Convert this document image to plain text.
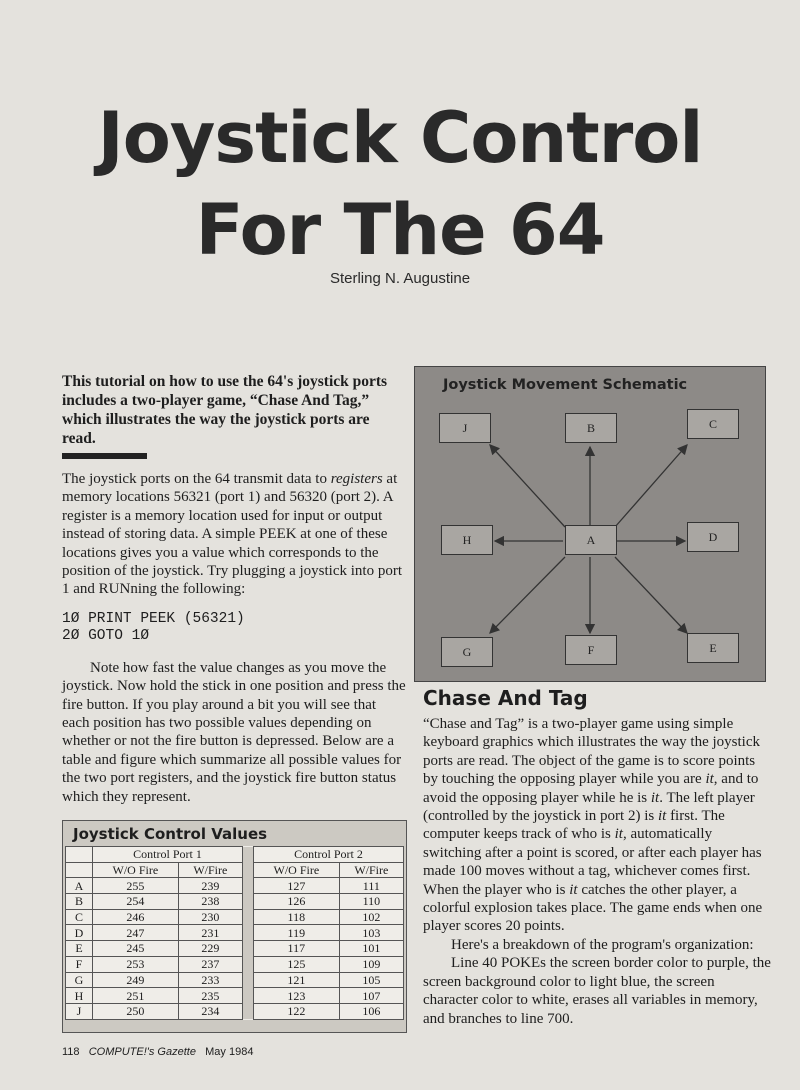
Joystick Control
For The 64
Sterling N. Augustine

This tutorial on how to use the 64's joystick ports includes a two-player game, “Chase And Tag,” which illustrates the way the joystick ports are read.

The joystick ports on the 64 transmit data to registers at memory locations 56321 (port 1) and 56320 (port 2). A register is a memory location used for input or output instead of storing data. A simple PEEK at one of these locations gives you a value which corresponds to the position of the joystick. Try plugging a joystick into port 1 and RUNning the following:

1Ø PRINT PEEK (56321)
2Ø GOTO 1Ø

Note how fast the value changes as you move the joystick. Now hold the stick in one position and press the fire button. If you play around a bit you will see that each position has two possible values depending on whether or not the fire button is depressed. Below are a table and figure which summarize all possible values for the two port registers, and the joystick fire button status which they represent.

Joystick Control Values
	Control Port 1			Control Port 2	
	W/O Fire	W/Fire		W/O Fire	W/Fire
A	255	239		127	111
B	254	238		126	110
C	246	230		118	102
D	247	231		119	103
E	245	229		117	101
F	253	237		125	109
G	249	233		121	105
H	251	235		123	107
J	250	234		122	106
Joystick Movement Schematic
J	B	C
H	A	D
G	F	E
Chase And Tag

“Chase and Tag” is a two-player game using simple keyboard graphics which illustrates the way the joystick ports are read. The object of the game is to score points by touching the opposing player while you are it, and to avoid the opposing player while he is it. The left player (controlled by the joystick in port 2) is it first. The computer keeps track of who is it, automatically switching after a point is scored, or after each player has made 100 moves without a tag, whichever comes first. When the player who is it catches the other player, a colorful explosion takes place. The game ends when one player scores 20 points.

Here's a breakdown of the program's organization:

Line 40 POKEs the screen border color to purple, the screen background color to light blue, the screen character color to white, erases all variables in memory, and branches to line 700.

118 COMPUTE!'s Gazette May 1984
